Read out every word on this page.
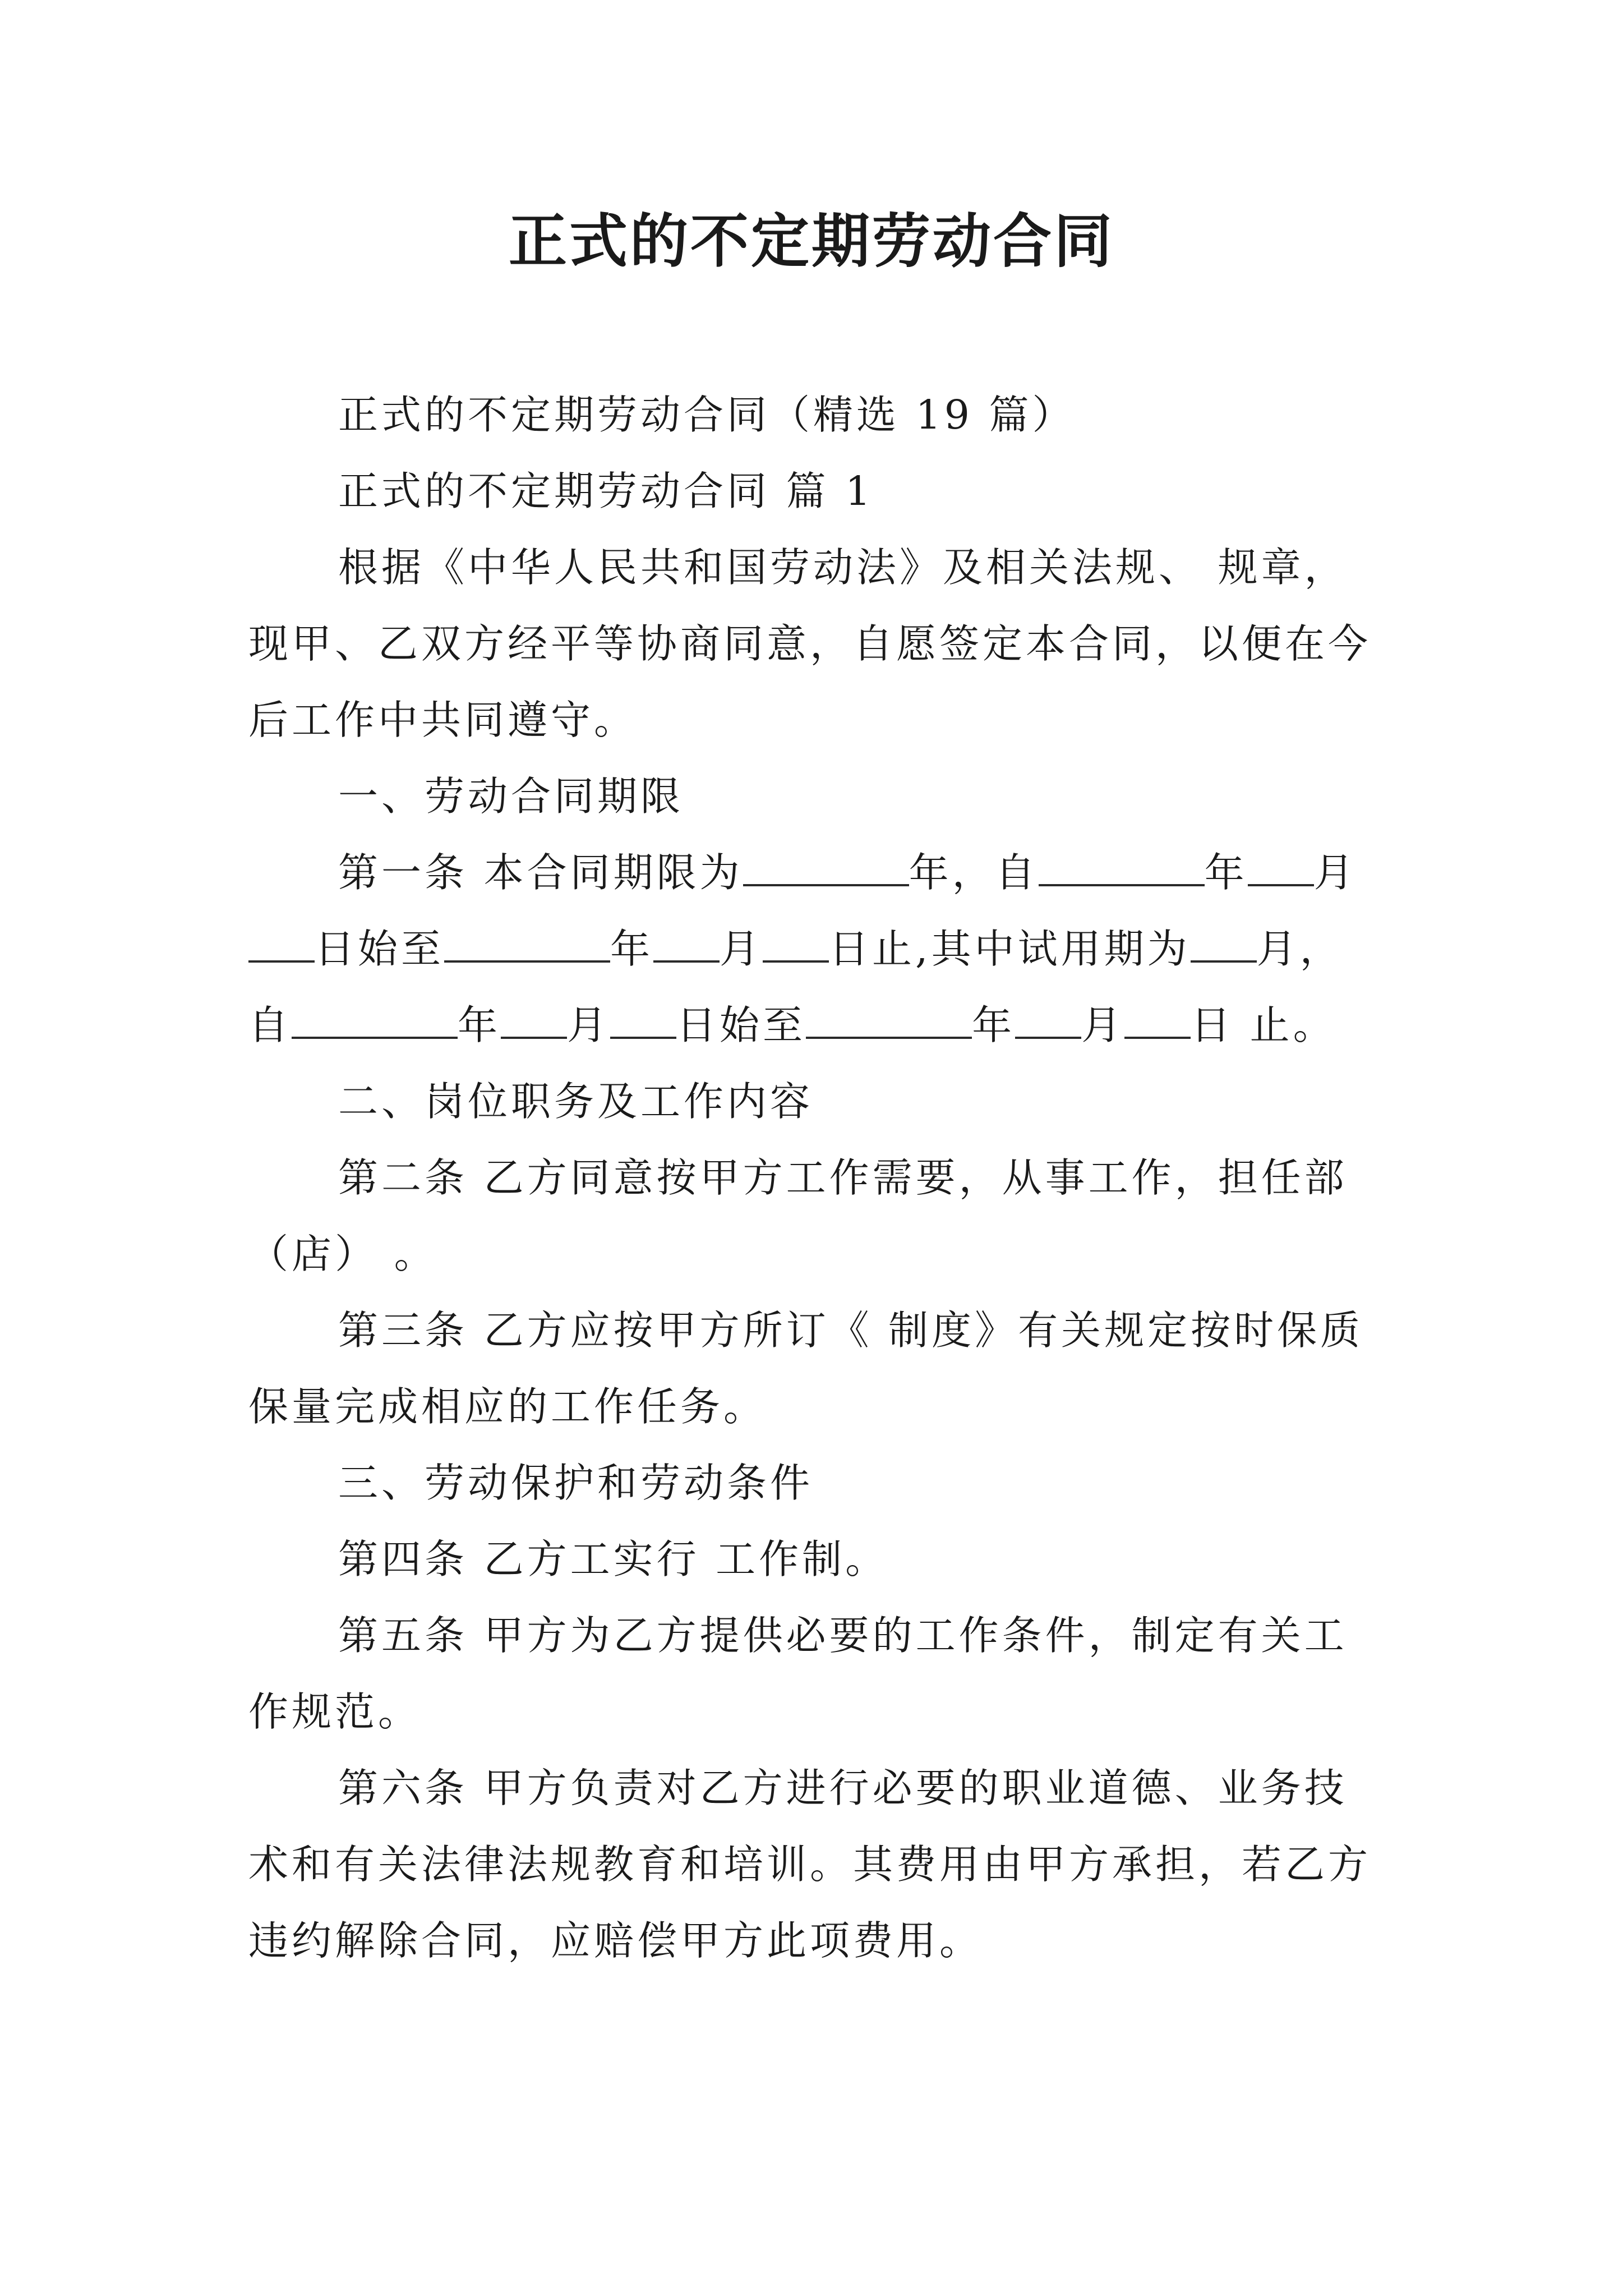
正式的不定期劳动合同

正式的不定期劳动合同（精选 19 篇）

正式的不定期劳动合同 篇 1

根据《中华人民共和国劳动法》及相关法规、 规章，现甲、乙双方经平等协商同意，自愿签定本合同，以便在今后工作中共同遵守。

一、劳动合同期限

第一条 本合同期限为	年，自	年 月日始至	年 月 日止,其中试用期为 月，自	年 月 日始至	年 月 日 止。

二、岗位职务及工作内容

第二条 乙方同意按甲方工作需要，从事工作，担任部（店） 。

第三条 乙方应按甲方所订《 制度》有关规定按时保质保量完成相应的工作任务。

三、劳动保护和劳动条件

第四条 乙方工实行 工作制。

第五条 甲方为乙方提供必要的工作条件，制定有关工作规范。

第六条 甲方负责对乙方进行必要的职业道德、业务技术和有关法律法规教育和培训。其费用由甲方承担，若乙方违约解除合同，应赔偿甲方此项费用。
